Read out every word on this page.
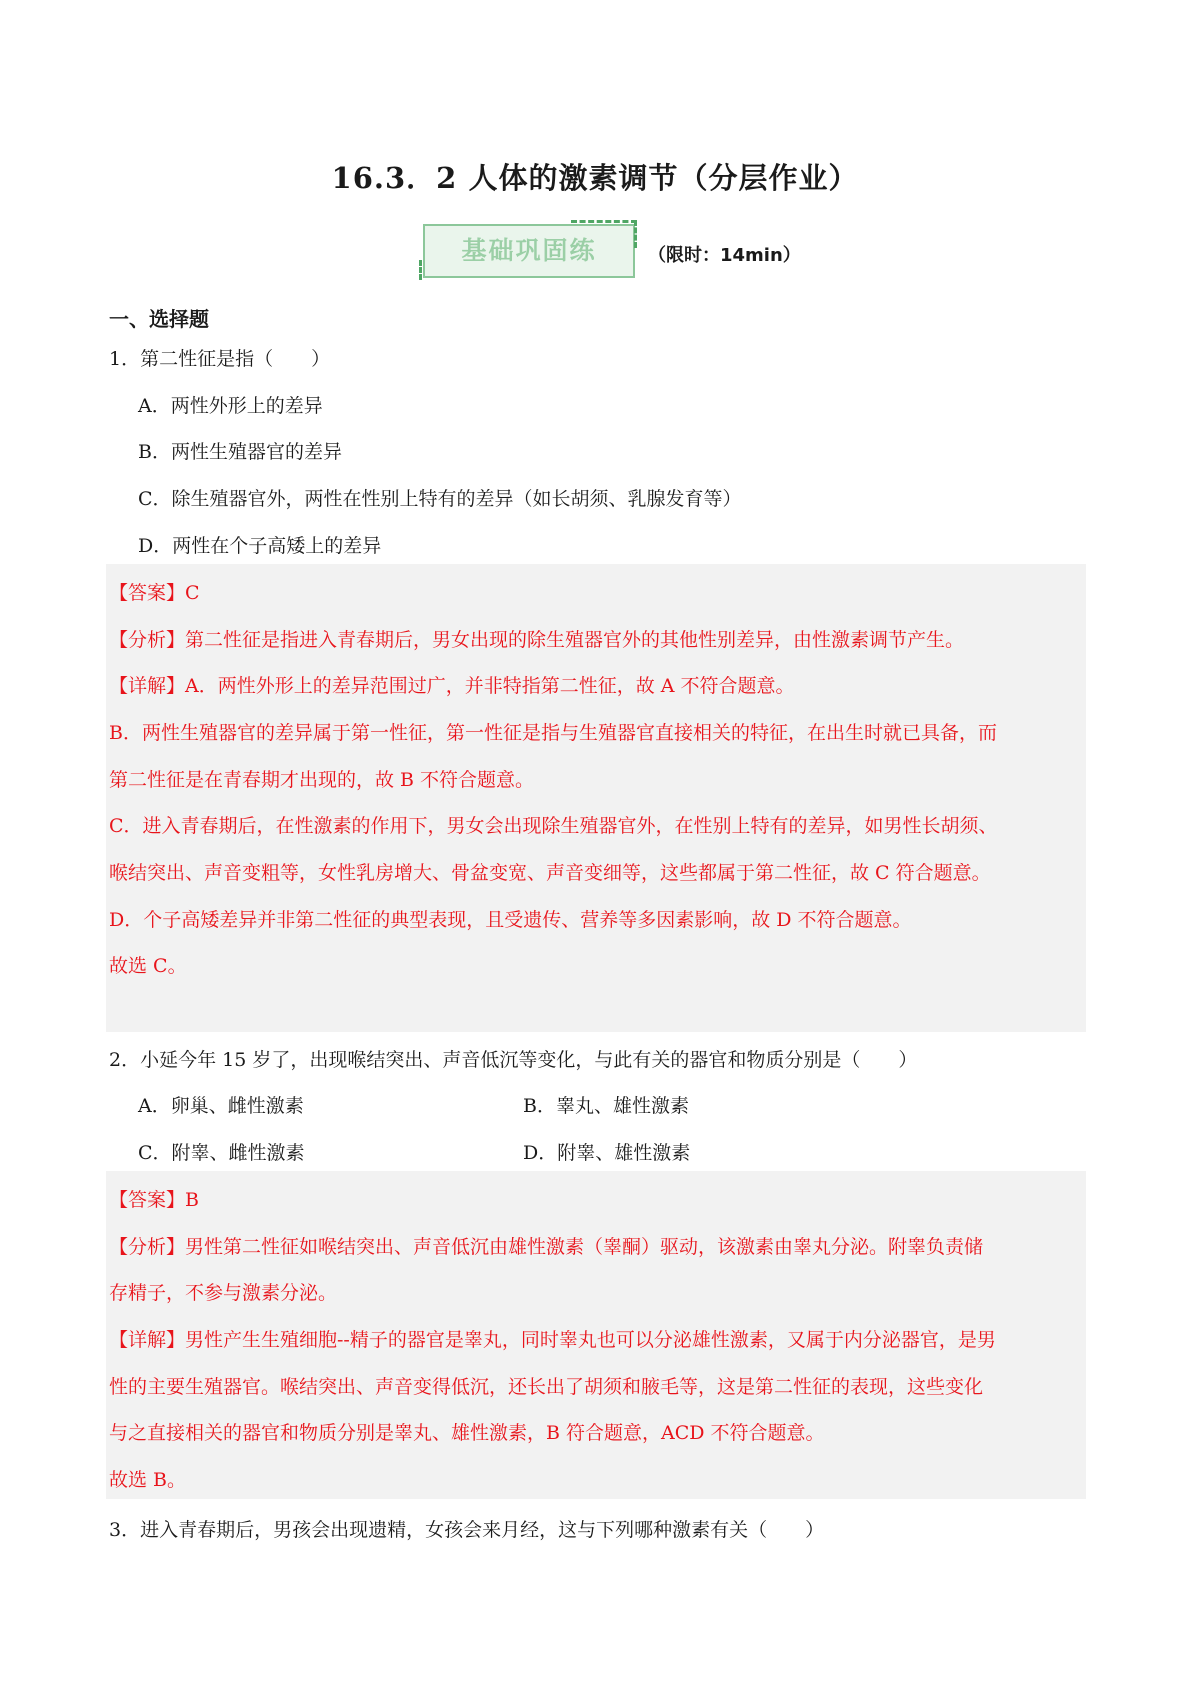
16.3．2 人体的激素调节（分层作业）
基础巩固练	（限时：14min）
一、选择题
1．第二性征是指（　　）
A．两性外形上的差异
B．两性生殖器官的差异
C．除生殖器官外，两性在性别上特有的差异（如长胡须、乳腺发育等）
D．两性在个子高矮上的差异
【答案】C
【分析】第二性征是指进入青春期后，男女出现的除生殖器官外的其他性别差异，由性激素调节产生。
【详解】A．两性外形上的差异范围过广，并非特指第二性征，故 A 不符合题意。
B．两性生殖器官的差异属于第一性征，第一性征是指与生殖器官直接相关的特征，在出生时就已具备，而
第二性征是在青春期才出现的，故 B 不符合题意。
C．进入青春期后，在性激素的作用下，男女会出现除生殖器官外，在性别上特有的差异，如男性长胡须、
喉结突出、声音变粗等，女性乳房增大、骨盆变宽、声音变细等，这些都属于第二性征，故 C 符合题意。
D．个子高矮差异并非第二性征的典型表现，且受遗传、营养等多因素影响，故 D 不符合题意。
故选 C。
2．小延今年 15 岁了，出现喉结突出、声音低沉等变化，与此有关的器官和物质分别是（　　）
A．卵巢、雌性激素	B．睾丸、雄性激素
C．附睾、雌性激素	D．附睾、雄性激素
【答案】B
【分析】男性第二性征如喉结突出、声音低沉由雄性激素（睾酮）驱动，该激素由睾丸分泌。附睾负责储
存精子，不参与激素分泌。
【详解】男性产生生殖细胞--精子的器官是睾丸，同时睾丸也可以分泌雄性激素，又属于内分泌器官，是男
性的主要生殖器官。喉结突出、声音变得低沉，还长出了胡须和腋毛等，这是第二性征的表现，这些变化
与之直接相关的器官和物质分别是睾丸、雄性激素，B 符合题意，ACD 不符合题意。
故选 B。
3．进入青春期后，男孩会出现遗精，女孩会来月经，这与下列哪种激素有关（　　）
